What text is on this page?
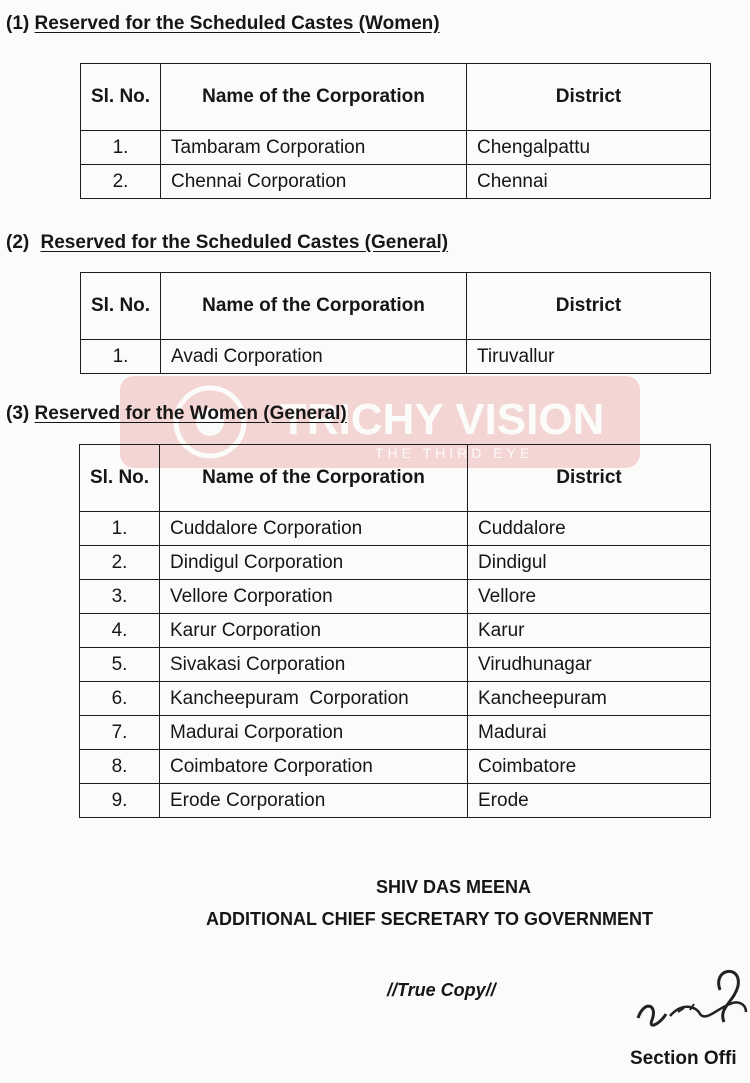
(1) Reserved for the Scheduled Castes (Women)
Sl. No.	Name of the Corporation	District
1.	Tambaram Corporation	Chengalpattu
2.	Chennai Corporation	Chennai
(2) Reserved for the Scheduled Castes (General)
Sl. No.	Name of the Corporation	District
1.	Avadi Corporation	Tiruvallur
TRICHY VISION
THE THIRD EYE
(3) Reserved for the Women (General)
Sl. No.	Name of the Corporation	District
1.	Cuddalore Corporation	Cuddalore
2.	Dindigul Corporation	Dindigul
3.	Vellore Corporation	Vellore
4.	Karur Corporation	Karur
5.	Sivakasi Corporation	Virudhunagar
6.	Kancheepuram  Corporation	Kancheepuram
7.	Madurai Corporation	Madurai
8.	Coimbatore Corporation	Coimbatore
9.	Erode Corporation	Erode
SHIV DAS MEENA
ADDITIONAL CHIEF SECRETARY TO GOVERNMENT
//True Copy//
Section Offi
